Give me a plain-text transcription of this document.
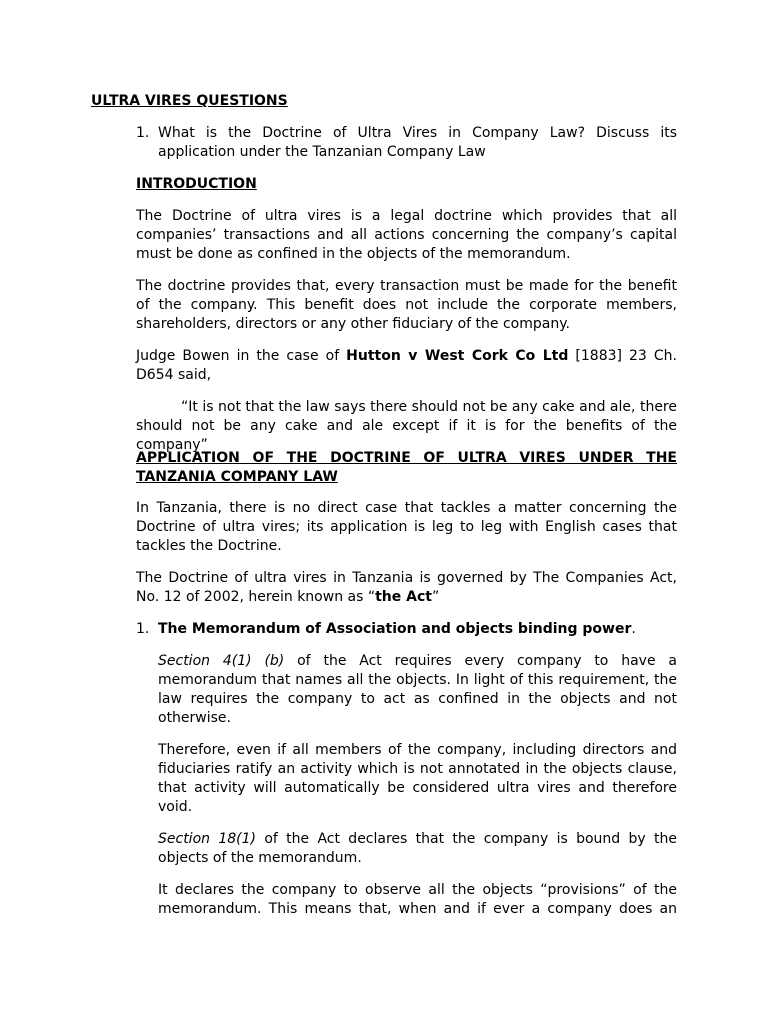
ULTRA VIRES QUESTIONS
1. What is the Doctrine of Ultra Vires in Company Law? Discuss its application under the Tanzanian Company Law

INTRODUCTION

The Doctrine of ultra vires is a legal doctrine which provides that all companies’ transactions and all actions concerning the company’s capital must be done as confined in the objects of the memorandum.

The doctrine provides that, every transaction must be made for the benefit of the company. This benefit does not include the corporate members, shareholders, directors or any other fiduciary of the company.

Judge Bowen in the case of Hutton v West Cork Co Ltd [1883] 23 Ch. D654 said,

“It is not that the law says there should not be any cake and ale, there should not be any cake and ale except if it is for the benefits of the company”

APPLICATION OF THE DOCTRINE OF ULTRA VIRES UNDER THE TANZANIA COMPANY LAW

In Tanzania, there is no direct case that tackles a matter concerning the Doctrine of ultra vires; its application is leg to leg with English cases that tackles the Doctrine.

The Doctrine of ultra vires in Tanzania is governed by The Companies Act, No. 12 of 2002, herein known as “the Act”

1. The Memorandum of Association and objects binding power.

Section 4(1) (b) of the Act requires every company to have a memorandum that names all the objects. In light of this requirement, the law requires the company to act as confined in the objects and not otherwise.

Therefore, even if all members of the company, including directors and fiduciaries ratify an activity which is not annotated in the objects clause, that activity will automatically be considered ultra vires and therefore void.

Section 18(1) of the Act declares that the company is bound by the objects of the memorandum.

It declares the company to observe all the objects “provisions” of the memorandum. This means that, when and if ever a company does an
